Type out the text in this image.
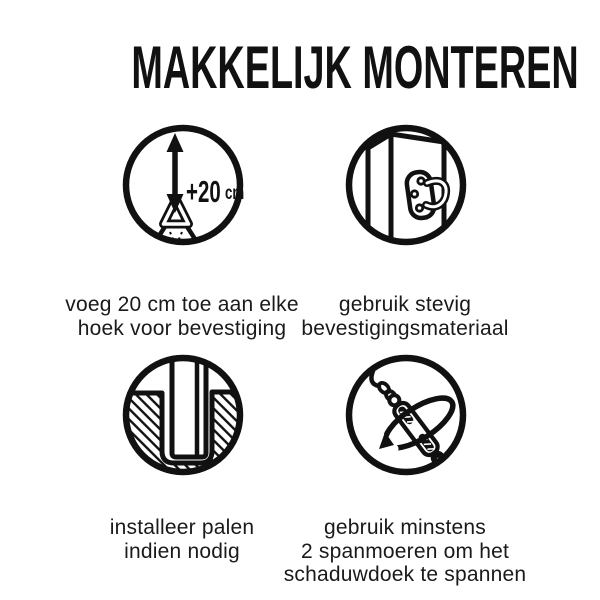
MAKKELIJK MONTEREN
+20 cm

voeg 20 cm toe aan elke
hoek voor bevestiging

gebruik stevig
bevestigingsmateriaal

installeer palen
indien nodig

gebruik minstens
2 spanmoeren om het
schaduwdoek te spannen
